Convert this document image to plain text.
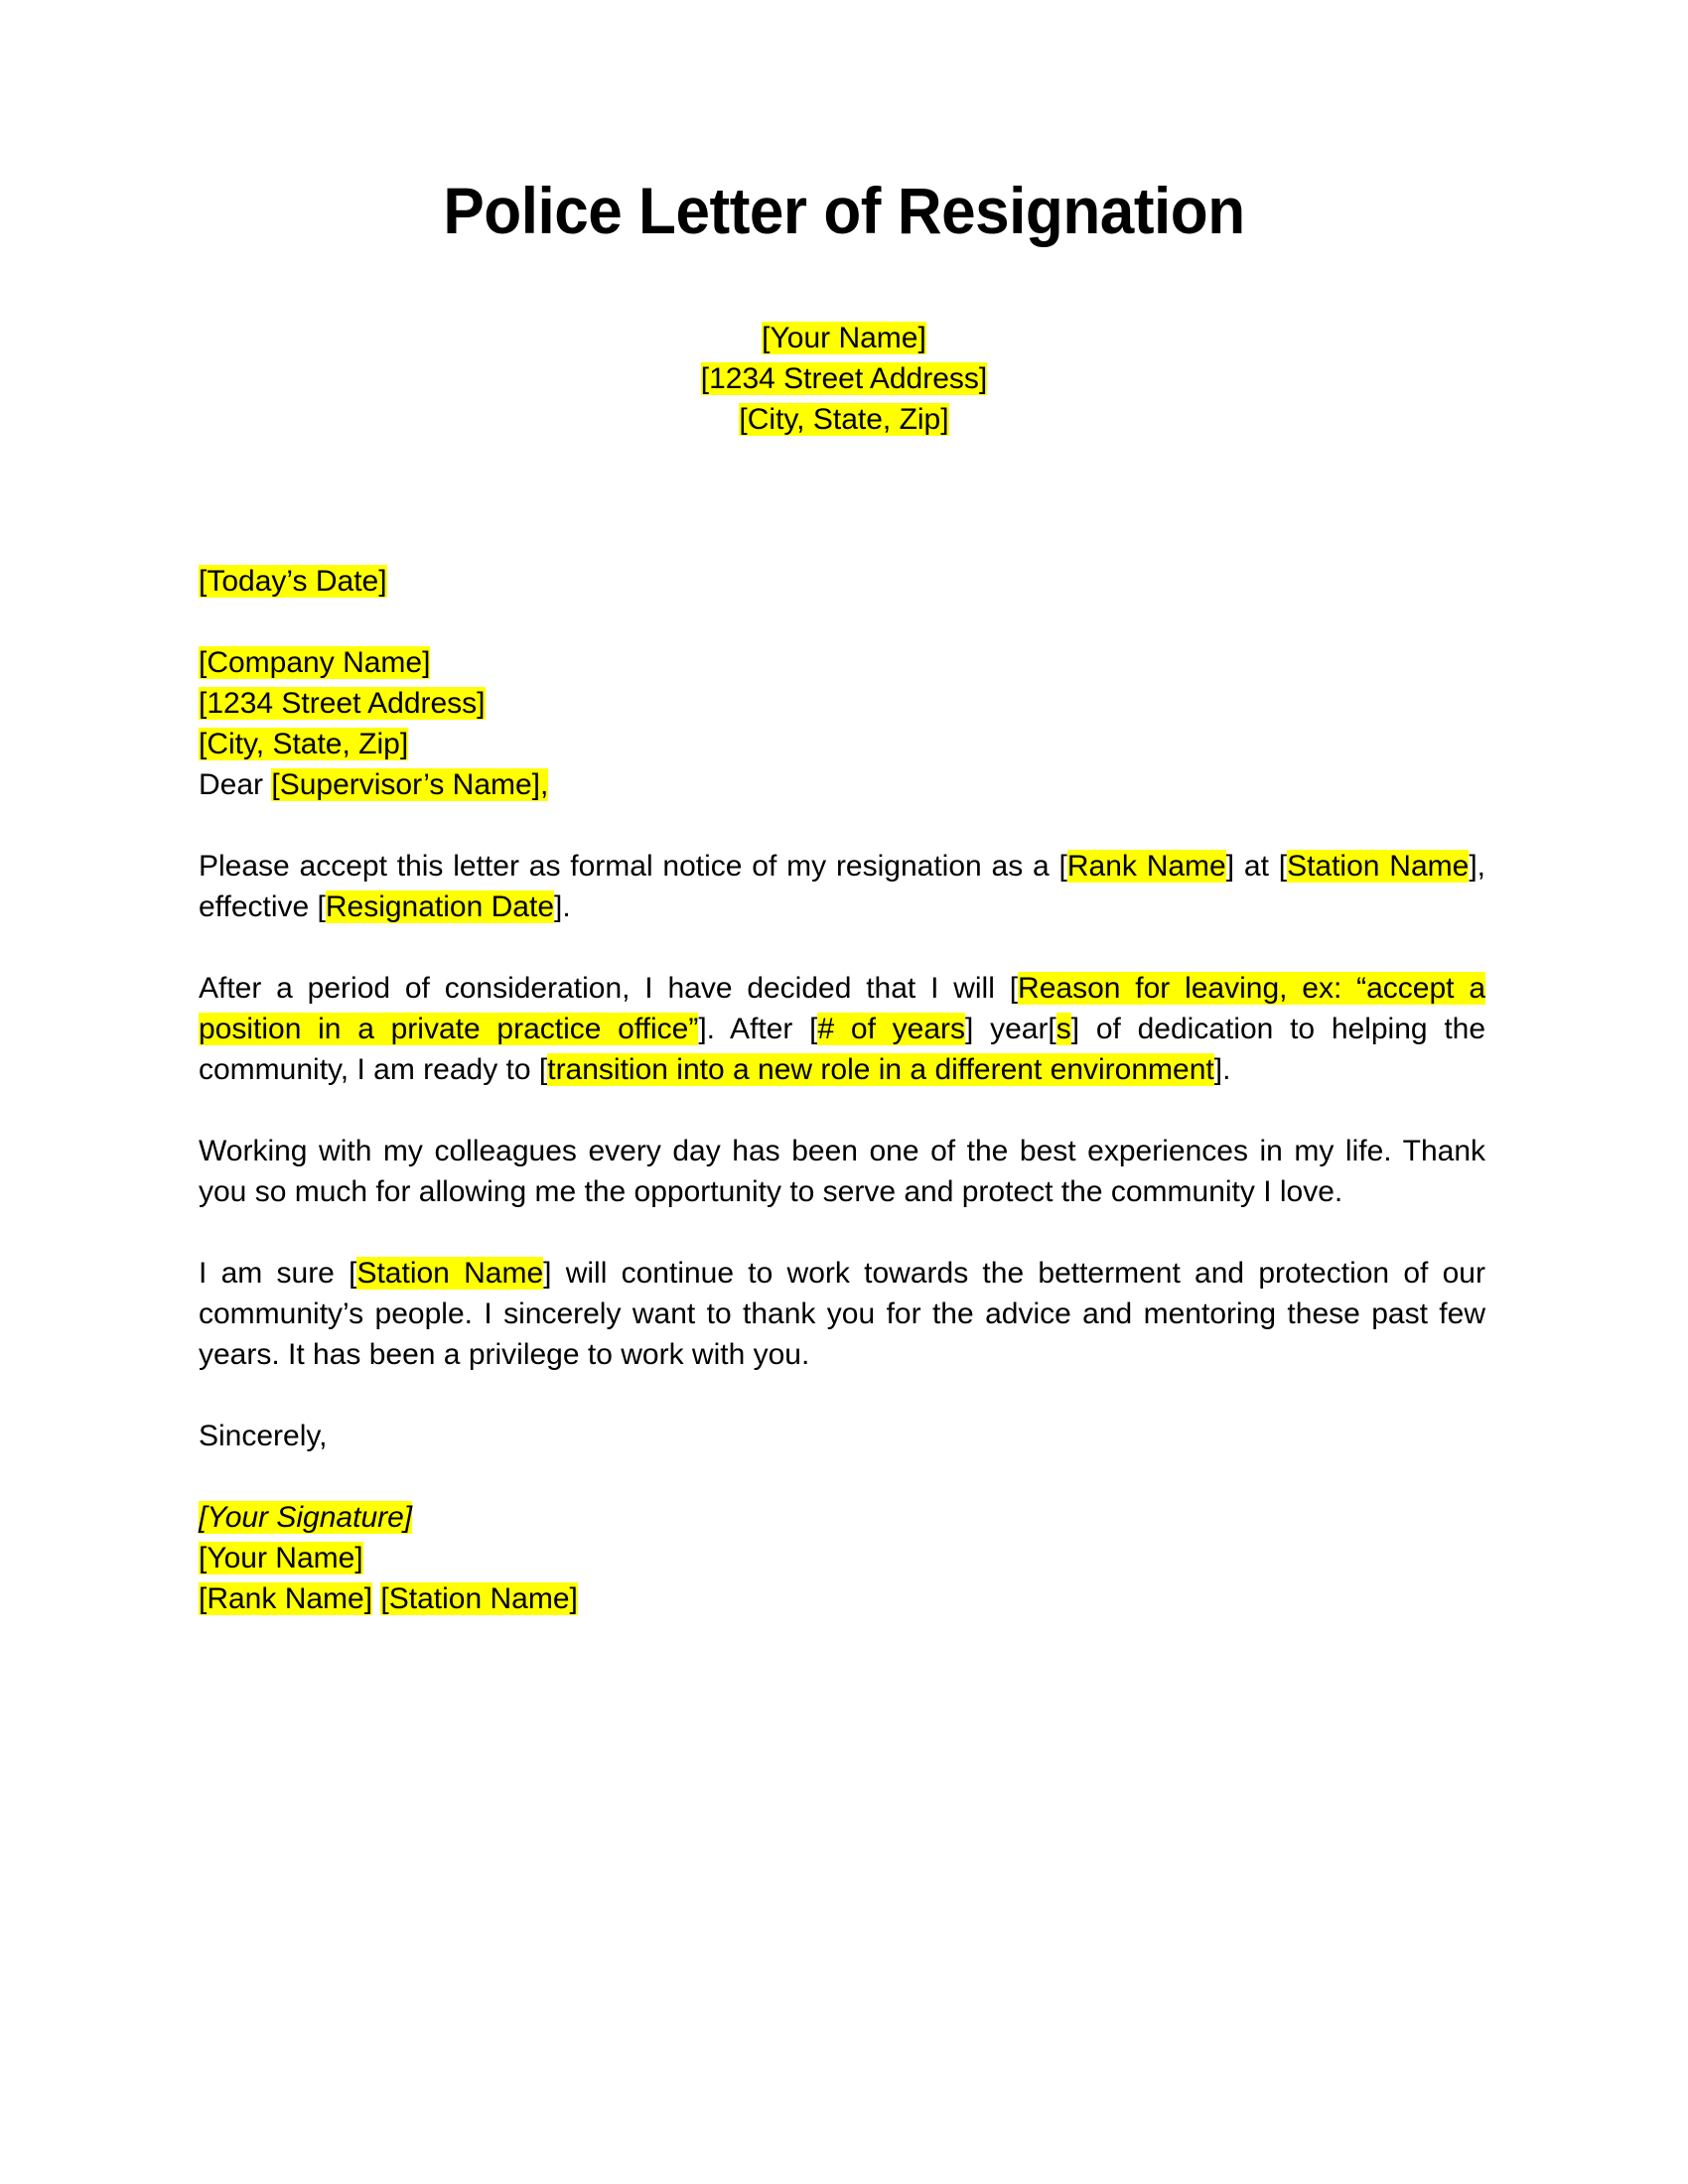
Police Letter of Resignation
[Your Name]
[1234 Street Address]
[City, State, Zip]
[Today’s Date]
[Company Name]
[1234 Street Address]
[City, State, Zip]
Dear [Supervisor’s Name],
Please accept this letter as formal notice of my resignation as a [Rank Name] at [Station Name], effective [Resignation Date].
After a period of consideration, I have decided that I will [Reason for leaving, ex: “accept a position in a private practice office”]. After [# of years] year[s] of dedication to helping the community, I am ready to [transition into a new role in a different environment].
Working with my colleagues every day has been one of the best experiences in my life. Thank you so much for allowing me the opportunity to serve and protect the community I love.
I am sure [Station Name] will continue to work towards the betterment and protection of our community’s people. I sincerely want to thank you for the advice and mentoring these past few years. It has been a privilege to work with you.
Sincerely,
[Your Signature]
[Your Name]
[Rank Name] [Station Name]
